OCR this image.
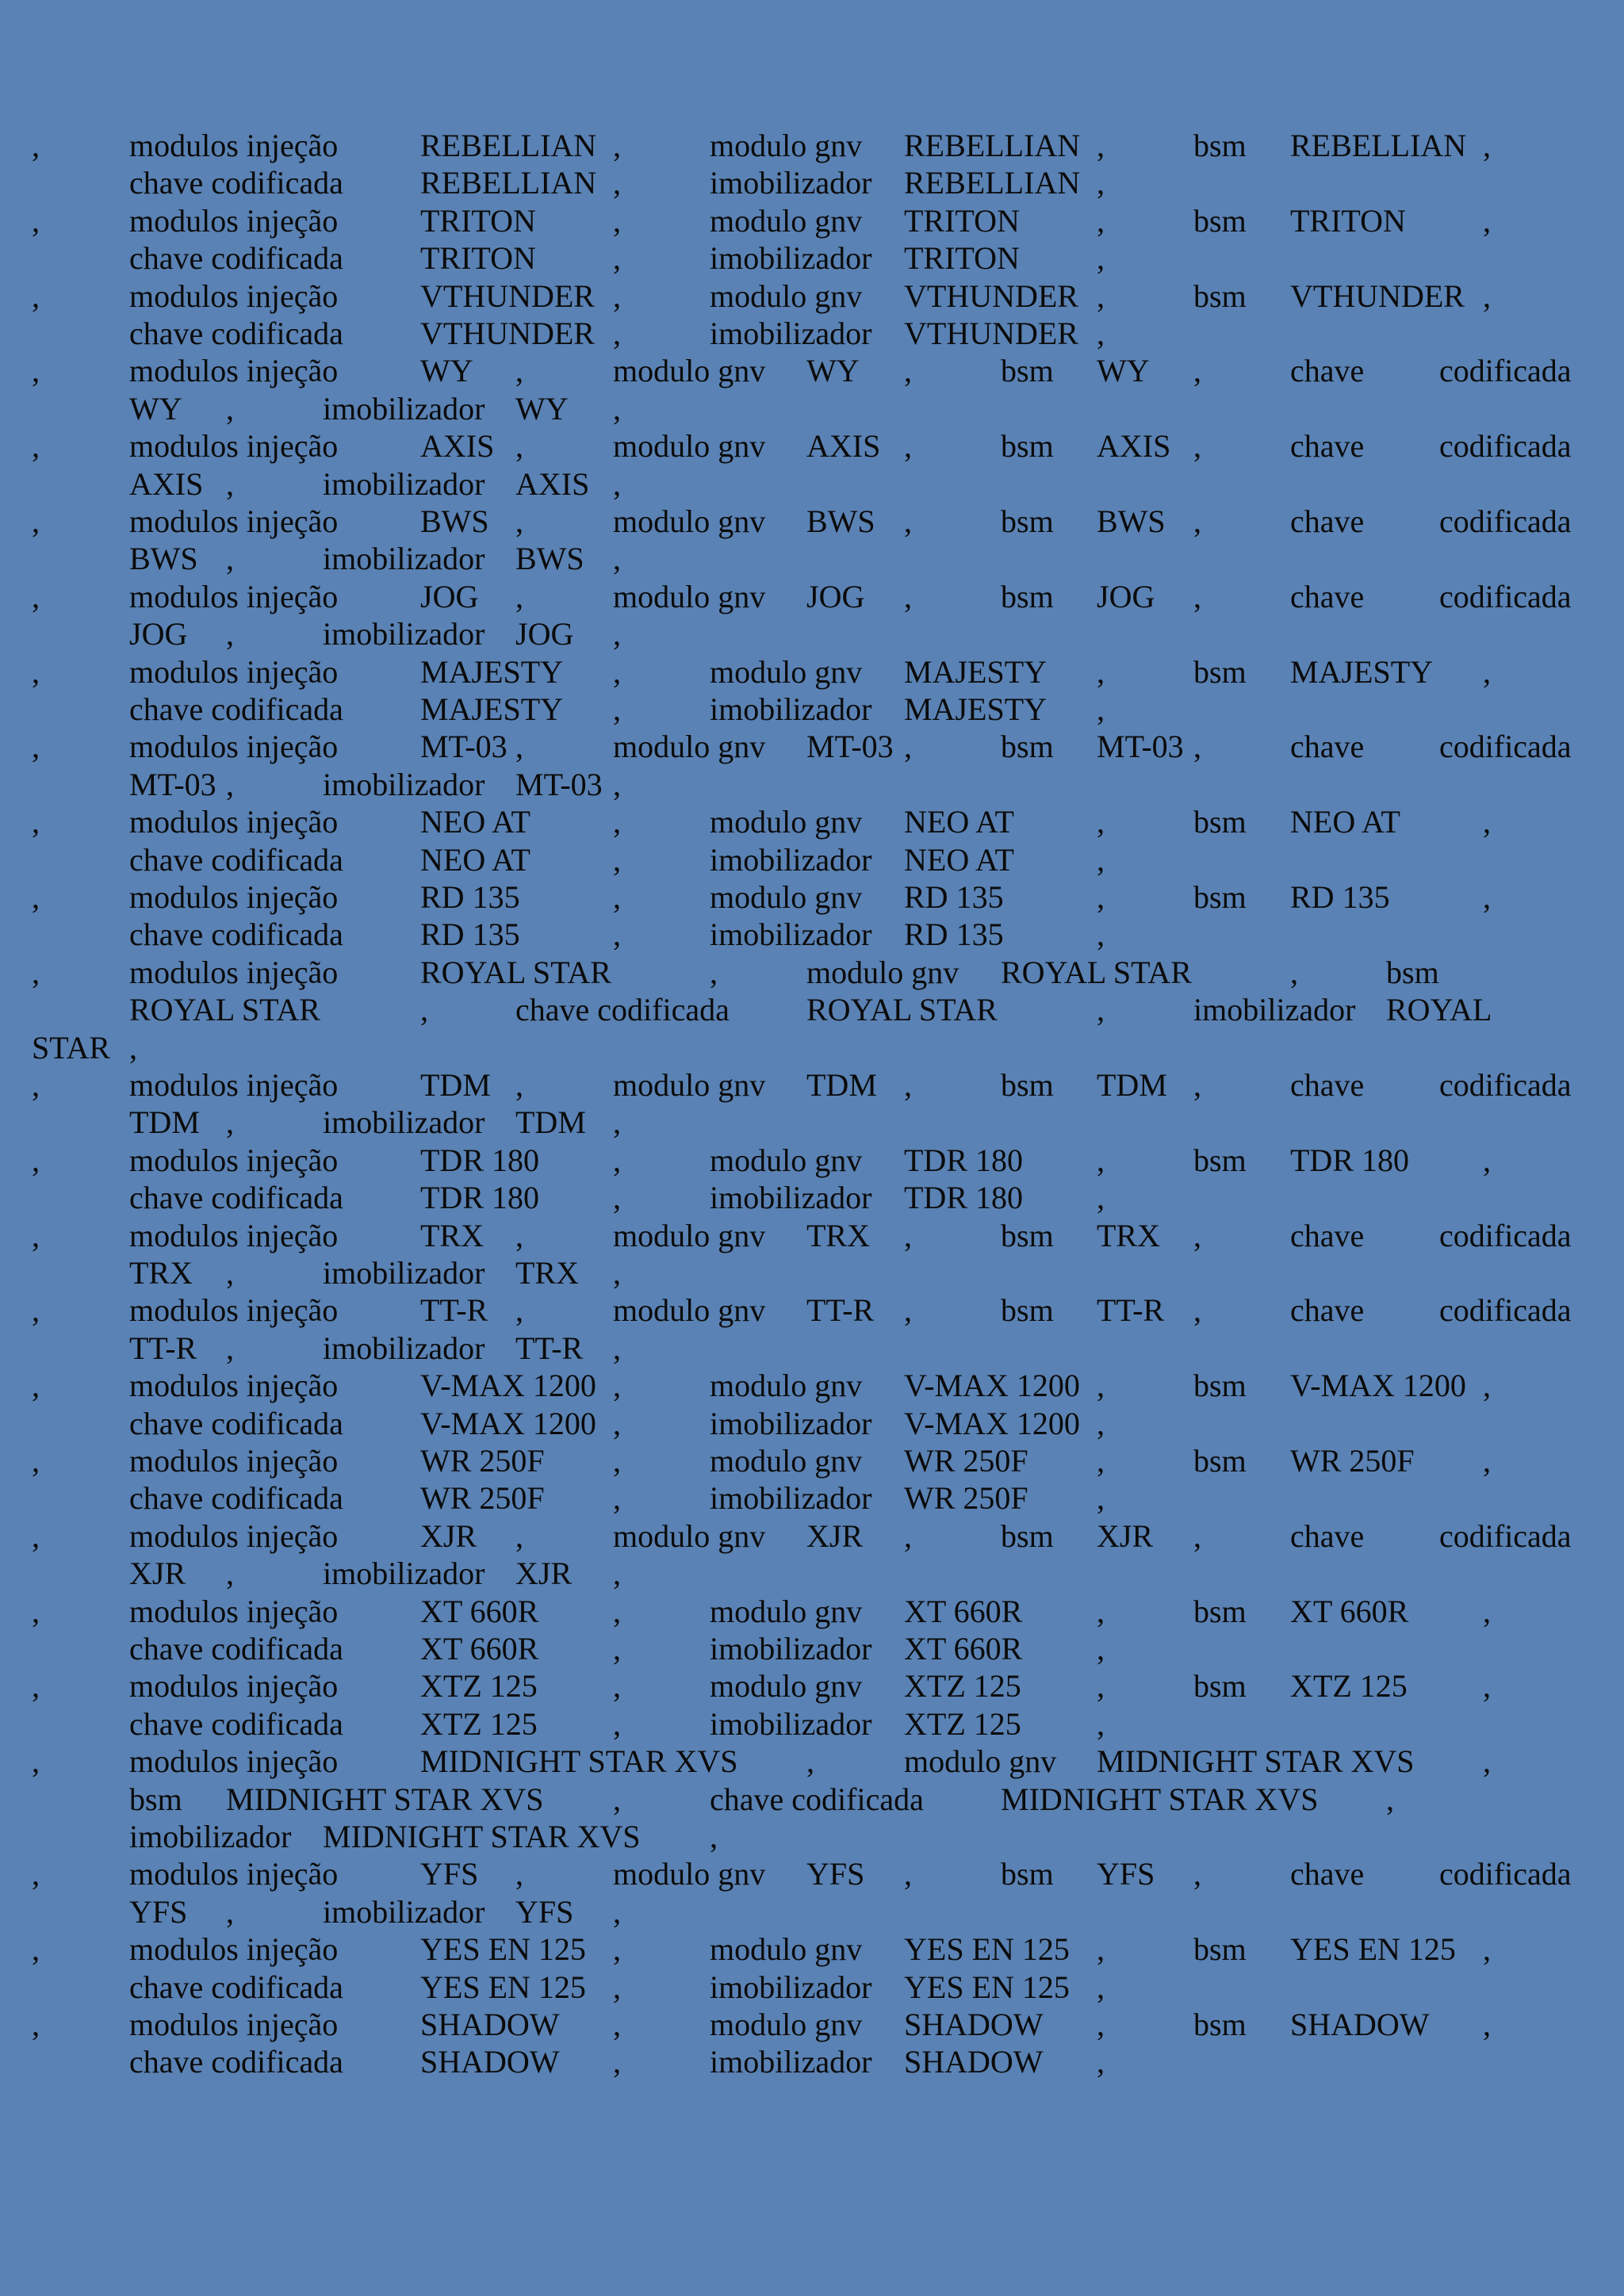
,	modulos injeção	REBELLIAN ,	modulo gnv REBELLIAN ,	bsm REBELLIAN ,
chave codificada REBELLIAN ,	imobilizador REBELLIAN ,
,	modulos injeção	TRITON ,	modulo gnv TRITON ,	bsm TRITON ,
chave codificada TRITON ,	imobilizador TRITON ,
,	modulos injeção	VTHUNDER ,	modulo gnv VTHUNDER ,	bsm VTHUNDER ,
chave codificada VTHUNDER ,	imobilizador VTHUNDER ,
,	modulos injeção	WY ,	modulo gnv WY ,	bsm WY ,	chave codificada
WY ,	imobilizador WY ,
,	modulos injeção	AXIS ,	modulo gnv AXIS ,	bsm AXIS ,	chave codificada
AXIS ,	imobilizador AXIS ,
,	modulos injeção	BWS ,	modulo gnv BWS ,	bsm BWS ,	chave codificada
BWS ,	imobilizador BWS ,
,	modulos injeção	JOG ,	modulo gnv JOG ,	bsm JOG ,	chave codificada
JOG ,	imobilizador JOG ,
,	modulos injeção	MAJESTY ,	modulo gnv MAJESTY ,	bsm MAJESTY ,
chave codificada MAJESTY ,	imobilizador MAJESTY ,
,	modulos injeção	MT-03 ,	modulo gnv MT-03 ,	bsm MT-03 ,	chave codificada
MT-03 ,	imobilizador MT-03 ,
,	modulos injeção	NEO AT	,	modulo gnv NEO AT	,	bsm NEO AT	,
chave codificada NEO AT	,	imobilizador NEO AT	,
,	modulos injeção	RD 135	,	modulo gnv RD 135	,	bsm RD 135	,
chave codificada RD 135	,	imobilizador RD 135	,
,	modulos injeção	ROYAL STAR	,	modulo gnv ROYAL STAR	,	bsm
ROYAL STAR	,	chave codificada ROYAL STAR	,	imobilizador ROYAL
STAR ,
,	modulos injeção	TDM ,	modulo gnv TDM ,	bsm TDM ,	chave codificada
TDM ,	imobilizador TDM ,
,	modulos injeção	TDR 180 ,	modulo gnv TDR 180 ,	bsm TDR 180 ,
chave codificada TDR 180 ,	imobilizador TDR 180 ,
,	modulos injeção	TRX ,	modulo gnv TRX ,	bsm TRX ,	chave codificada
TRX ,	imobilizador TRX ,
,	modulos injeção	TT-R ,	modulo gnv TT-R ,	bsm TT-R ,	chave codificada
TT-R ,	imobilizador TT-R ,
,	modulos injeção	V-MAX 1200 ,	modulo gnv V-MAX 1200 ,	bsm V-MAX 1200 ,
chave codificada V-MAX 1200 ,	imobilizador V-MAX 1200 ,
,	modulos injeção	WR 250F ,	modulo gnv WR 250F ,	bsm WR 250F ,
chave codificada WR 250F ,	imobilizador WR 250F ,
,	modulos injeção	XJR ,	modulo gnv XJR ,	bsm XJR ,	chave codificada
XJR ,	imobilizador XJR ,
,	modulos injeção	XT 660R ,	modulo gnv XT 660R ,	bsm XT 660R ,
chave codificada XT 660R ,	imobilizador XT 660R ,
,	modulos injeção	XTZ 125 ,	modulo gnv XTZ 125 ,	bsm XTZ 125 ,
chave codificada XTZ 125 ,	imobilizador XTZ 125 ,
,	modulos injeção	MIDNIGHT STAR XVS ,	modulo gnv MIDNIGHT STAR XVS ,
bsm MIDNIGHT STAR XVS ,	chave codificada MIDNIGHT STAR XVS ,
imobilizador MIDNIGHT STAR XVS ,
,	modulos injeção	YFS ,	modulo gnv YFS ,	bsm YFS ,	chave codificada
YFS ,	imobilizador YFS ,
,	modulos injeção	YES EN 125 ,	modulo gnv YES EN 125 ,	bsm YES EN 125 ,
chave codificada YES EN 125 ,	imobilizador YES EN 125 ,
,	modulos injeção	SHADOW ,	modulo gnv SHADOW ,	bsm SHADOW ,
chave codificada SHADOW ,	imobilizador SHADOW ,
